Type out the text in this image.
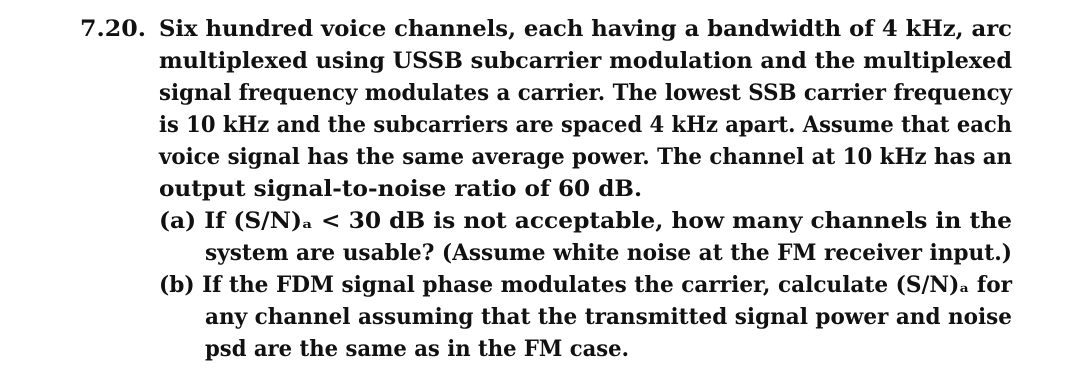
7.20. Six hundred voice channels, each having a bandwidth of 4 kHz, arc
multiplexed using USSB subcarrier modulation and the multiplexed
signal frequency modulates a carrier. The lowest SSB carrier frequency
is 10 kHz and the subcarriers are spaced 4 kHz apart. Assume that each
voice signal has the same average power. The channel at 10 kHz has an
output signal-to-noise ratio of 60 dB.
(a) If (S/N)ₐ < 30 dB is not acceptable, how many channels in the
system are usable? (Assume white noise at the FM receiver input.)
(b) If the FDM signal phase modulates the carrier, calculate (S/N)ₐ for
any channel assuming that the transmitted signal power and noise
psd are the same as in the FM case.
